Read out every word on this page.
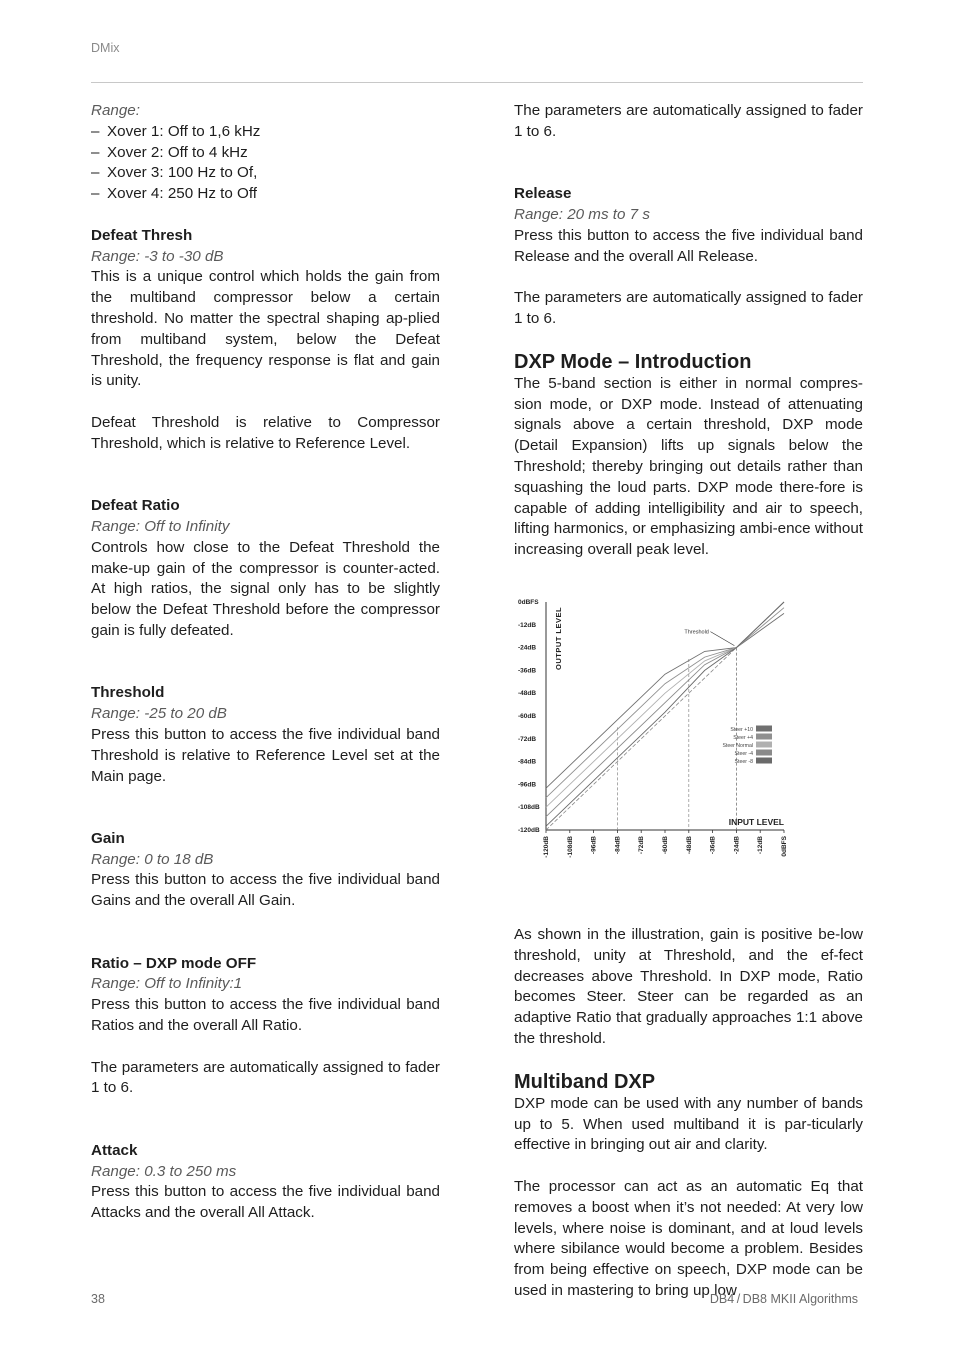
DMix

Range:

– Xover 1: Off to 1,6 kHz
– Xover 2: Off to 4 kHz
– Xover 3: 100 Hz to Of,
– Xover 4: 250 Hz to Off
Defeat Thresh

Range: -3 to -30 dB

This is a unique control which holds the gain from the multiband compressor below a certain threshold. No matter the spectral shaping ap-plied from multiband system, below the Defeat Threshold, the frequency response is flat and gain is unity.

Defeat Threshold is relative to Compressor Threshold, which is relative to Reference Level.

Defeat Ratio

Range: Off to Infinity

Controls how close to the Defeat Threshold the make-up gain of the compressor is counter-acted. At high ratios, the signal only has to be slightly below the Defeat Threshold before the compressor gain is fully defeated.

Threshold

Range: -25 to 20 dB

Press this button to access the five individual band Threshold is relative to Reference Level set at the Main page.

Gain

Range: 0 to 18 dB

Press this button to access the five individual band Gains and the overall All Gain.

Ratio – DXP mode OFF

Range: Off to Infinity:1

Press this button to access the five individual band Ratios and the overall All Ratio.

The parameters are automatically assigned to fader 1 to 6.

Attack

Range: 0.3 to 250 ms

Press this button to access the five individual band Attacks and the overall All Attack.

The parameters are automatically assigned to fader 1 to 6.

Release

Range: 20 ms to 7 s

Press this button to access the five individual band Release and the overall All Release.

The parameters are automatically assigned to fader 1 to 6.

DXP Mode – Introduction

The 5-band section is either in normal compres-sion mode, or DXP mode. Instead of attenuating signals above a certain threshold, DXP mode (Detail Expansion) lifts up signals below the Threshold; thereby bringing out details rather than squashing the loud parts. DXP mode there-fore is capable of adding intelligibility and air to speech, lifting harmonics, or emphasizing ambi-ence without increasing overall peak level.

0dBFS
-12dB
-24dB
-36dB
-48dB
-60dB
-72dB
-84dB
-96dB
-108dB
-120dB
-120dB	-108dB	-96dB	-84dB	-72dB	-60dB	-48dB	-36dB	-24dB	-12dB	0dBFS
Threshold
OUTPUT LEVEL
INPUT LEVEL
Steer +10
Steer +4
Steer Normal
Steer -4
Steer -8

As shown in the illustration, gain is positive be-low threshold, unity at Threshold, and the ef-fect decreases above Threshold. In DXP mode, Ratio becomes Steer. Steer can be regarded as an adaptive Ratio that gradually approaches 1:1 above the threshold.

Multiband DXP

DXP mode can be used with any number of bands up to 5. When used multiband it is par-ticularly effective in bringing out air and clarity.

The processor can act as an automatic Eq that removes a boost when it’s not needed: At very low levels, where noise is dominant, and at loud levels where sibilance would become a problem. Besides from being effective on speech, DXP mode can be used in mastering to bring up low

38	DB4 / DB8 MKII Algorithms
